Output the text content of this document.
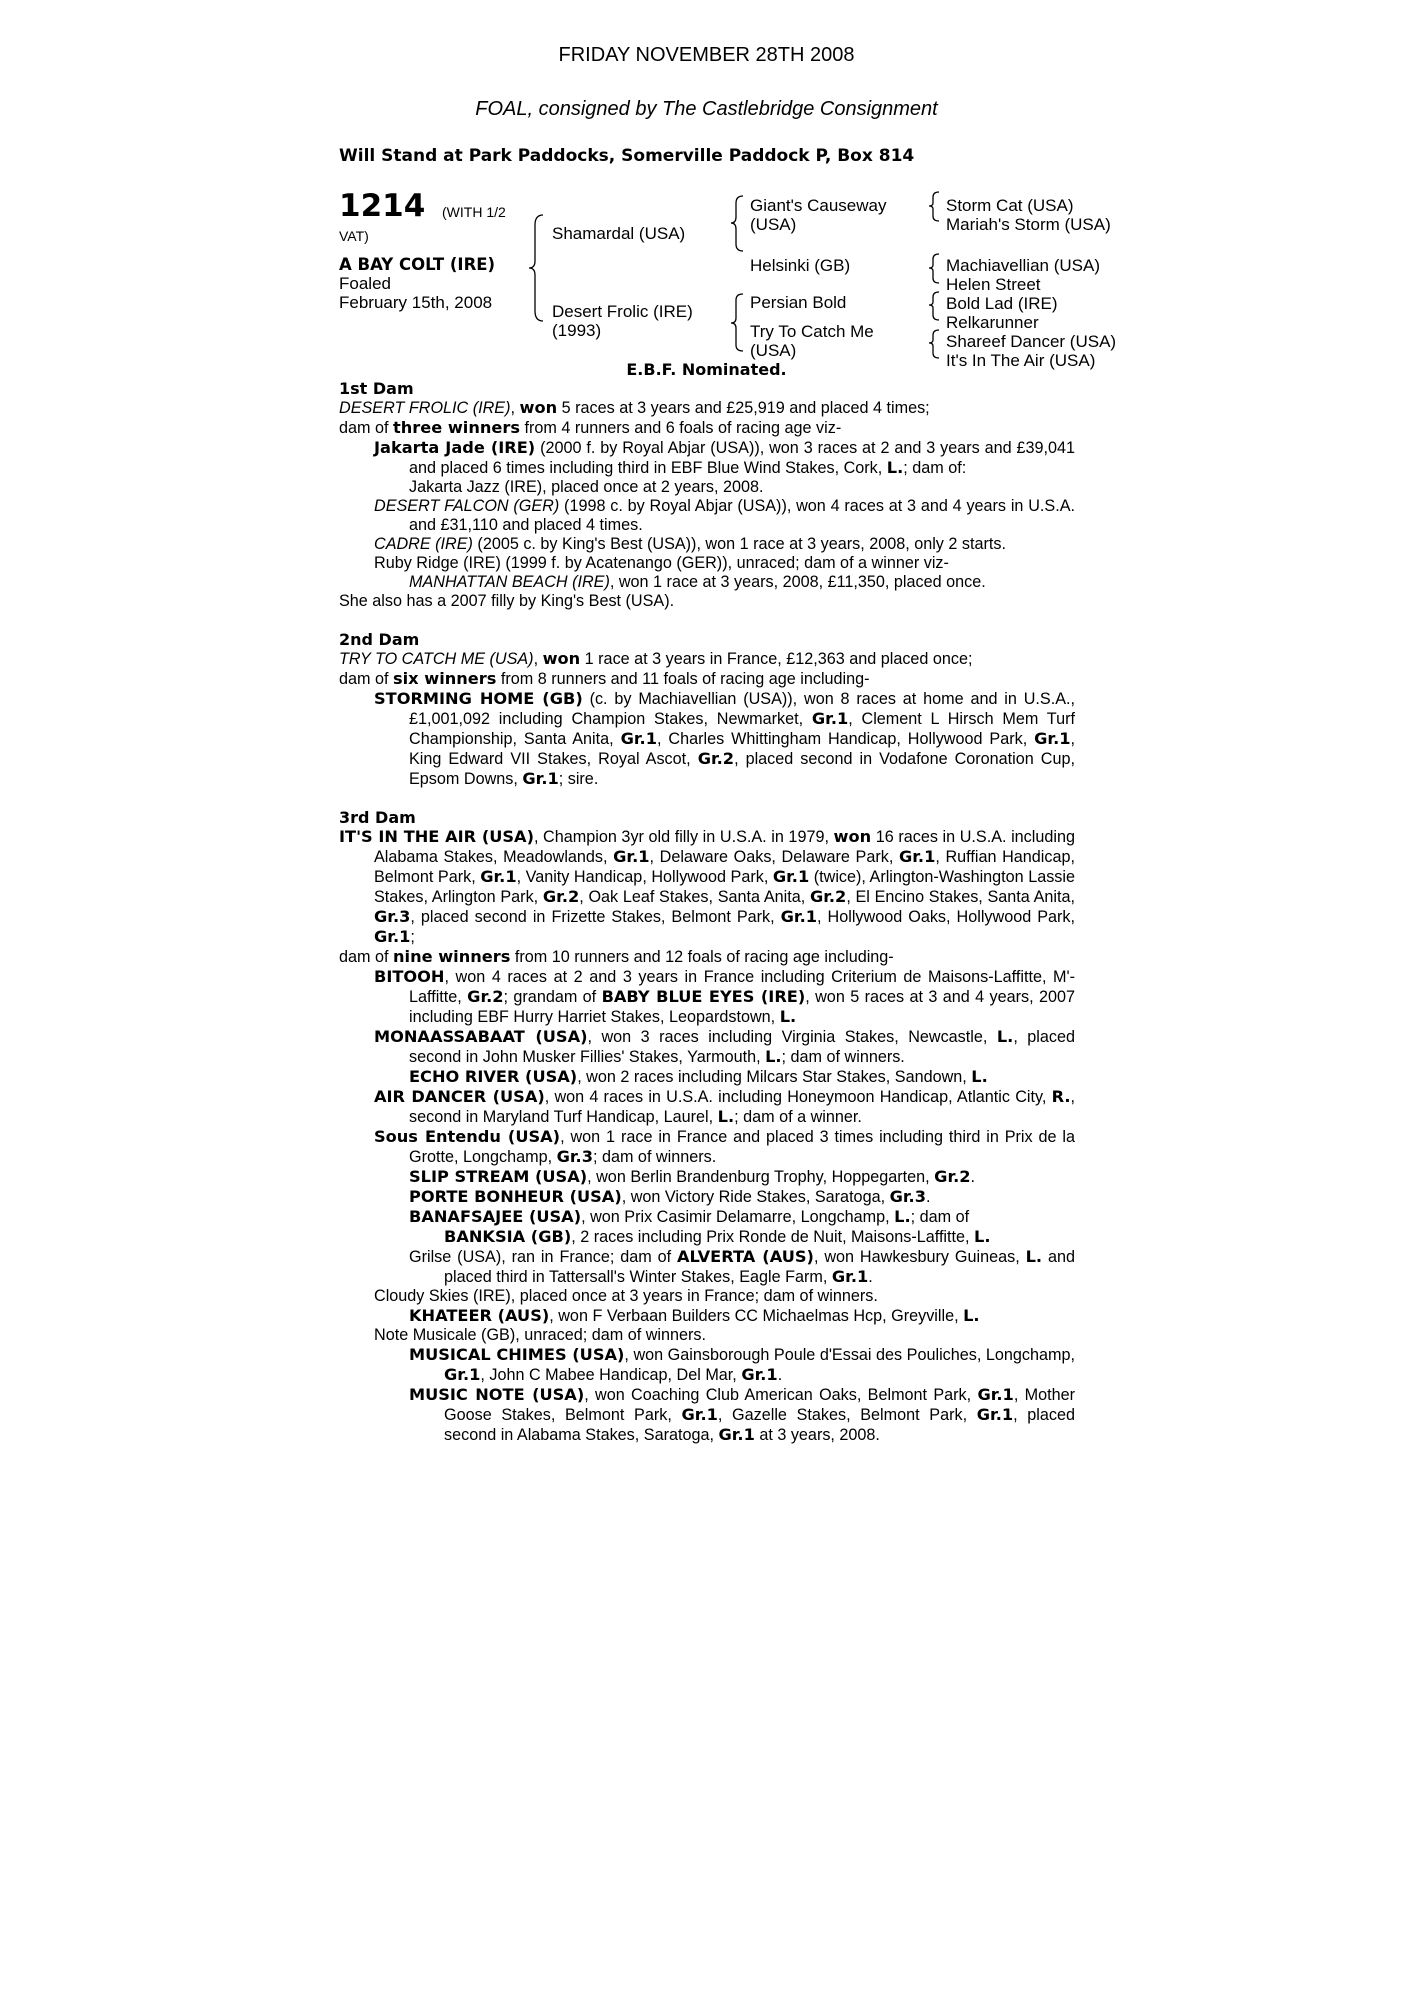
FRIDAY NOVEMBER 28TH 2008
FOAL, consigned by The Castlebridge Consignment
Will Stand at Park Paddocks, Somerville Paddock P, Box 814
1214 (WITH 1/2
VAT)
A BAY COLT (IRE)
Foaled
February 15th, 2008
Shamardal (USA)
Desert Frolic (IRE)
(1993)
Giant's Causeway
(USA)
Helsinki (GB)
Persian Bold
Try To Catch Me
(USA)
Storm Cat (USA)
Mariah's Storm (USA)
Machiavellian (USA)
Helen Street
Bold Lad (IRE)
Relkarunner
Shareef Dancer (USA)
It's In The Air (USA)
E.B.F. Nominated.

1st Dam

DESERT FROLIC (IRE), won 5 races at 3 years and £25,919 and placed 4 times;

dam of three winners from 4 runners and 6 foals of racing age viz-

Jakarta Jade (IRE) (2000 f. by Royal Abjar (USA)), won 3 races at 2 and 3 years and £39,041 and placed 6 times including third in EBF Blue Wind Stakes, Cork, L.; dam of:

Jakarta Jazz (IRE), placed once at 2 years, 2008.

DESERT FALCON (GER) (1998 c. by Royal Abjar (USA)), won 4 races at 3 and 4 years in U.S.A. and £31,110 and placed 4 times.

CADRE (IRE) (2005 c. by King's Best (USA)), won 1 race at 3 years, 2008, only 2 starts.

Ruby Ridge (IRE) (1999 f. by Acatenango (GER)), unraced; dam of a winner viz-

MANHATTAN BEACH (IRE), won 1 race at 3 years, 2008, £11,350, placed once.

She also has a 2007 filly by King's Best (USA).

2nd Dam

TRY TO CATCH ME (USA), won 1 race at 3 years in France, £12,363 and placed once;

dam of six winners from 8 runners and 11 foals of racing age including-

STORMING HOME (GB) (c. by Machiavellian (USA)), won 8 races at home and in U.S.A., £1,001,092 including Champion Stakes, Newmarket, Gr.1, Clement L Hirsch Mem Turf Championship, Santa Anita, Gr.1, Charles Whittingham Handicap, Hollywood Park, Gr.1, King Edward VII Stakes, Royal Ascot, Gr.2, placed second in Vodafone Coronation Cup, Epsom Downs, Gr.1; sire.

3rd Dam

IT'S IN THE AIR (USA), Champion 3yr old filly in U.S.A. in 1979, won 16 races in U.S.A. including Alabama Stakes, Meadowlands, Gr.1, Delaware Oaks, Delaware Park, Gr.1, Ruffian Handicap, Belmont Park, Gr.1, Vanity Handicap, Hollywood Park, Gr.1 (twice), Arlington-Washington Lassie Stakes, Arlington Park, Gr.2, Oak Leaf Stakes, Santa Anita, Gr.2, El Encino Stakes, Santa Anita, Gr.3, placed second in Frizette Stakes, Belmont Park, Gr.1, Hollywood Oaks, Hollywood Park, Gr.1;

dam of nine winners from 10 runners and 12 foals of racing age including-

BITOOH, won 4 races at 2 and 3 years in France including Criterium de Maisons-Laffitte, M'-Laffitte, Gr.2; grandam of BABY BLUE EYES (IRE), won 5 races at 3 and 4 years, 2007 including EBF Hurry Harriet Stakes, Leopardstown, L.

MONAASSABAAT (USA), won 3 races including Virginia Stakes, Newcastle, L., placed second in John Musker Fillies' Stakes, Yarmouth, L.; dam of winners.

ECHO RIVER (USA), won 2 races including Milcars Star Stakes, Sandown, L.

AIR DANCER (USA), won 4 races in U.S.A. including Honeymoon Handicap, Atlantic City, R., second in Maryland Turf Handicap, Laurel, L.; dam of a winner.

Sous Entendu (USA), won 1 race in France and placed 3 times including third in Prix de la Grotte, Longchamp, Gr.3; dam of winners.

SLIP STREAM (USA), won Berlin Brandenburg Trophy, Hoppegarten, Gr.2.

PORTE BONHEUR (USA), won Victory Ride Stakes, Saratoga, Gr.3.

BANAFSAJEE (USA), won Prix Casimir Delamarre, Longchamp, L.; dam of

BANKSIA (GB), 2 races including Prix Ronde de Nuit, Maisons-Laffitte, L.

Grilse (USA), ran in France; dam of ALVERTA (AUS), won Hawkesbury Guineas, L. and placed third in Tattersall's Winter Stakes, Eagle Farm, Gr.1.

Cloudy Skies (IRE), placed once at 3 years in France; dam of winners.

KHATEER (AUS), won F Verbaan Builders CC Michaelmas Hcp, Greyville, L.

Note Musicale (GB), unraced; dam of winners.

MUSICAL CHIMES (USA), won Gainsborough Poule d'Essai des Pouliches, Longchamp, Gr.1, John C Mabee Handicap, Del Mar, Gr.1.

MUSIC NOTE (USA), won Coaching Club American Oaks, Belmont Park, Gr.1, Mother Goose Stakes, Belmont Park, Gr.1, Gazelle Stakes, Belmont Park, Gr.1, placed second in Alabama Stakes, Saratoga, Gr.1 at 3 years, 2008.
